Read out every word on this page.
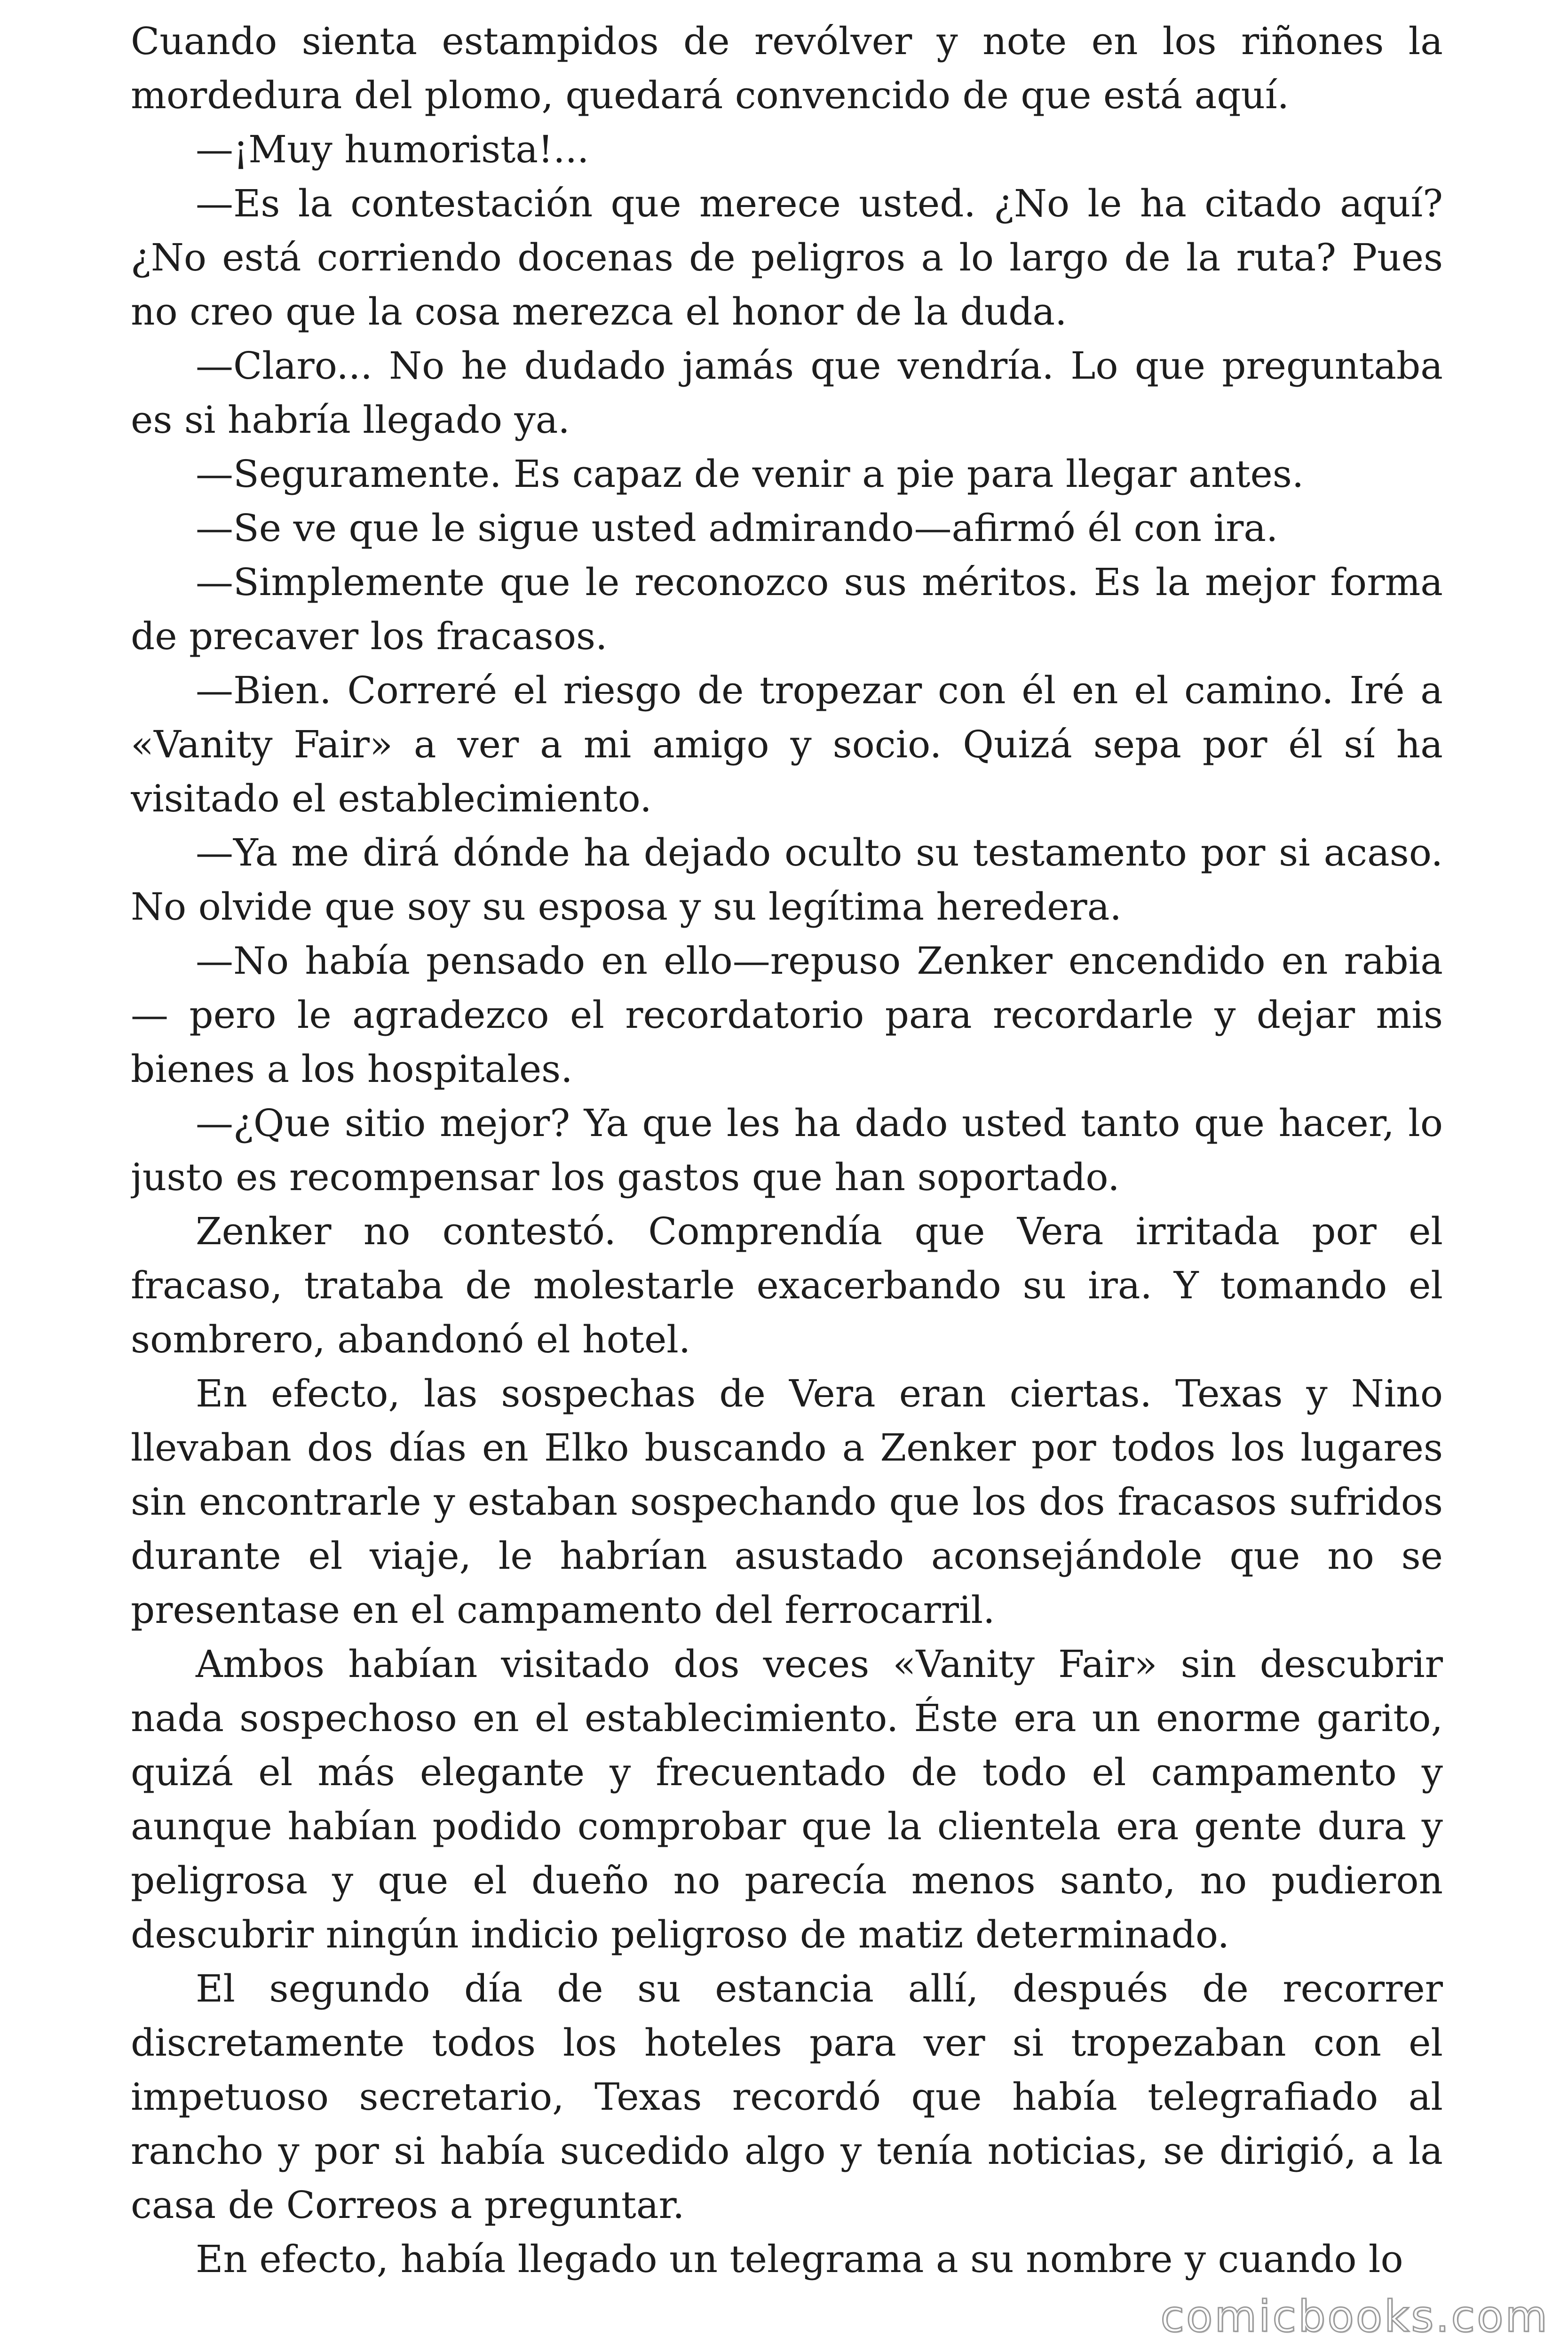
Cuando sienta estampidos de revólver y note en los riñones la mordedura del plomo, quedará convencido de que está aquí.

—¡Muy humorista!...

—Es la contestación que merece usted. ¿No le ha citado aquí? ¿No está corriendo docenas de peligros a lo largo de la ruta? Pues no creo que la cosa merezca el honor de la duda.

—Claro... No he dudado jamás que vendría. Lo que preguntaba es si habría llegado ya.

—Seguramente. Es capaz de venir a pie para llegar antes.

—Se ve que le sigue usted admirando—afirmó él con ira.

—Simplemente que le reconozco sus méritos. Es la mejor forma de precaver los fracasos.

—Bien. Correré el riesgo de tropezar con él en el camino. Iré a «Vanity Fair» a ver a mi amigo y socio. Quizá sepa por él sí ha visitado el establecimiento.

—Ya me dirá dónde ha dejado oculto su testamento por si acaso. No olvide que soy su esposa y su legítima heredera.

—No había pensado en ello—repuso Zenker encendido en rabia — pero le agradezco el recordatorio para recordarle y dejar mis bienes a los hospitales.

—¿Que sitio mejor? Ya que les ha dado usted tanto que hacer, lo justo es recompensar los gastos que han soportado.

Zenker no contestó. Comprendía que Vera irritada por el fracaso, trataba de molestarle exacerbando su ira. Y tomando el sombrero, abandonó el hotel.

En efecto, las sospechas de Vera eran ciertas. Texas y Nino llevaban dos días en Elko buscando a Zenker por todos los lugares sin encontrarle y estaban sospechando que los dos fracasos sufridos durante el viaje, le habrían asustado aconsejándole que no se presentase en el campamento del ferrocarril.

Ambos habían visitado dos veces «Vanity Fair» sin descubrir nada sospechoso en el establecimiento. Éste era un enorme garito, quizá el más elegante y frecuentado de todo el campamento y aunque habían podido comprobar que la clientela era gente dura y peligrosa y que el dueño no parecía menos santo, no pudieron descubrir ningún indicio peligroso de matiz determinado.

El segundo día de su estancia allí, después de recorrer discretamente todos los hoteles para ver si tropezaban con el impetuoso secretario, Texas recordó que había telegrafiado al rancho y por si había sucedido algo y tenía noticias, se dirigió, a la casa de Correos a preguntar.

En efecto, había llegado un telegrama a su nombre y cuando lo

comicbooks.com
